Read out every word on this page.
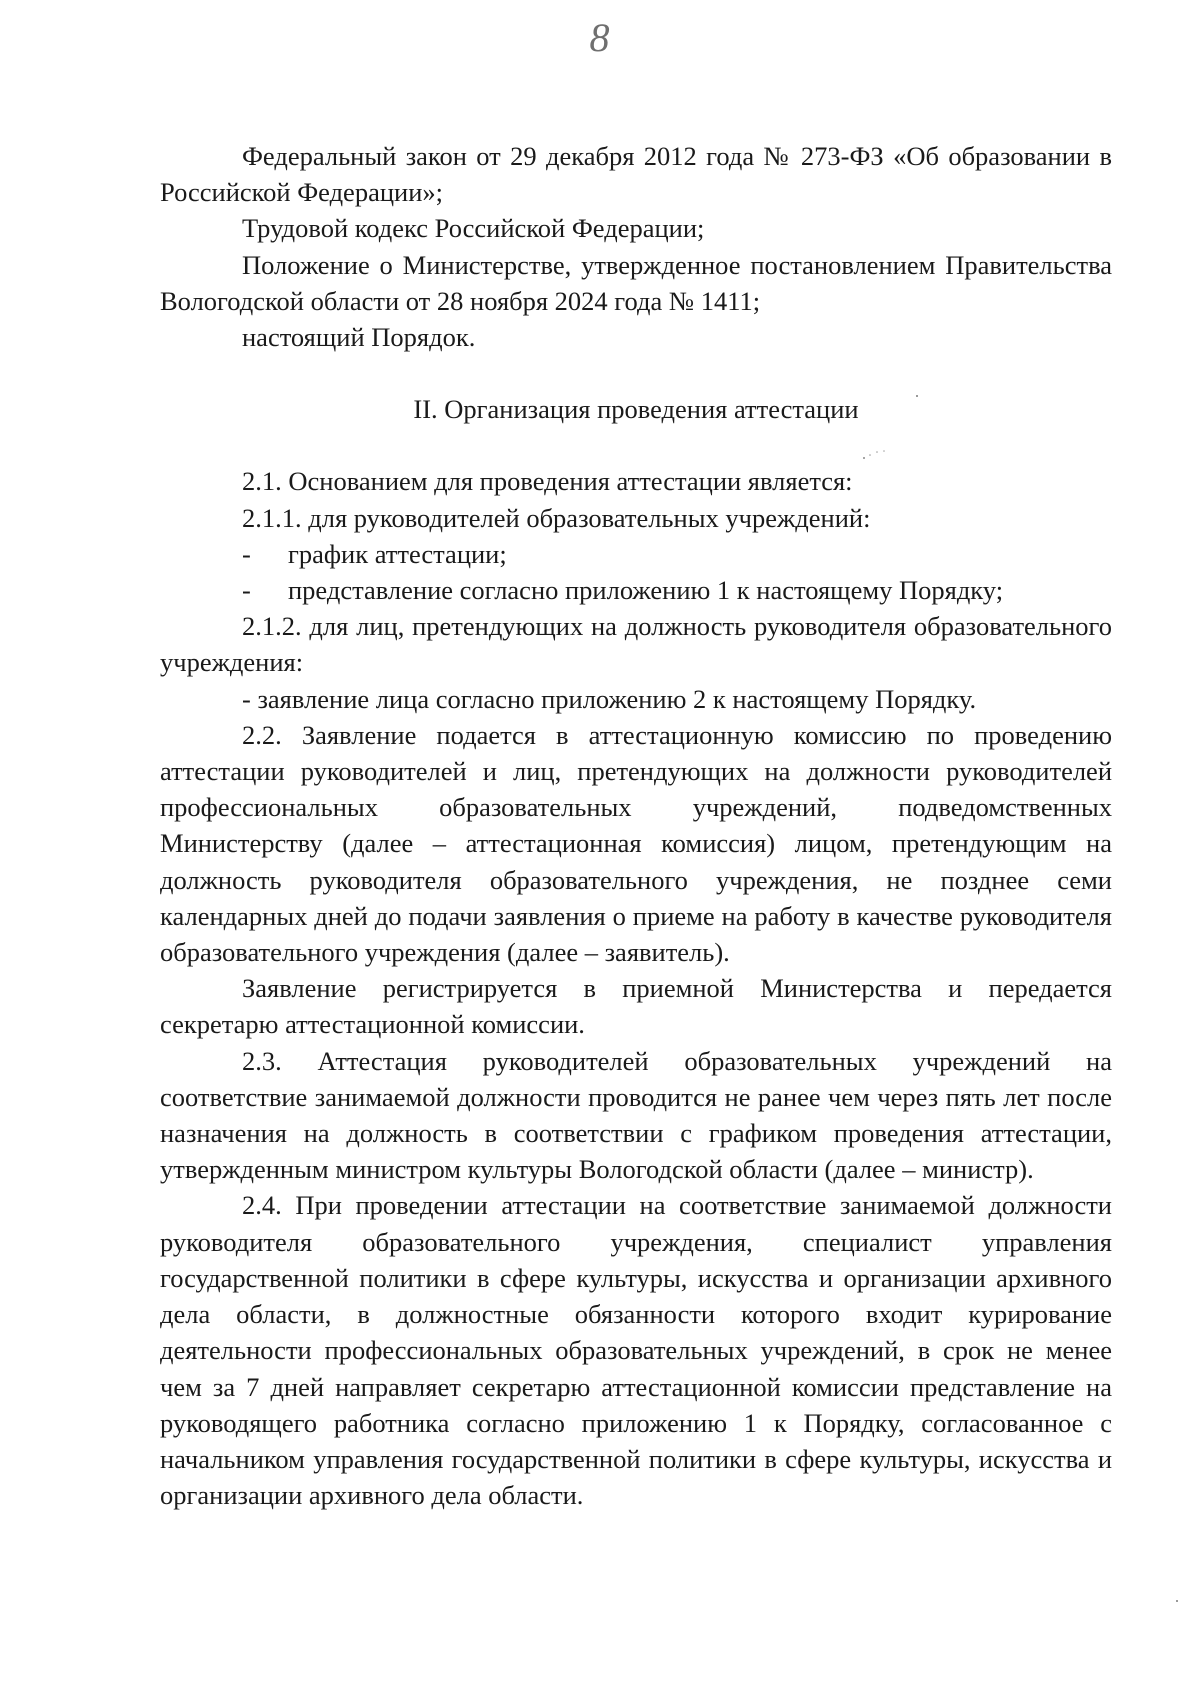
8

Федеральный закон от 29 декабря 2012 года № 273-ФЗ «Об образовании в Российской Федерации»;

Трудовой кодекс Российской Федерации;

Положение о Министерстве, утвержденное постановлением Правительства Вологодской области от 28 ноября 2024 года № 1411;

настоящий Порядок.

II. Организация проведения аттестации

2.1. Основанием для проведения аттестации является:

2.1.1. для руководителей образовательных учреждений:

- график аттестации;

- представление согласно приложению 1 к настоящему Порядку;

2.1.2. для лиц, претендующих на должность руководителя образовательного учреждения:

- заявление лица согласно приложению 2 к настоящему Порядку.

2.2. Заявление подается в аттестационную комиссию по проведению аттестации руководителей и лиц, претендующих на должности руководителей профессиональных образовательных учреждений, подведомственных Министерству (далее – аттестационная комиссия) лицом, претендующим на должность руководителя образовательного учреждения, не позднее семи календарных дней до подачи заявления о приеме на работу в качестве руководителя образовательного учреждения (далее – заявитель).

Заявление регистрируется в приемной Министерства и передается секретарю аттестационной комиссии.

2.3. Аттестация руководителей образовательных учреждений на соответствие занимаемой должности проводится не ранее чем через пять лет после назначения на должность в соответствии с графиком проведения аттестации, утвержденным министром культуры Вологодской области (далее – министр).

2.4. При проведении аттестации на соответствие занимаемой должности руководителя образовательного учреждения, специалист управления государственной политики в сфере культуры, искусства и организации архивного дела области, в должностные обязанности которого входит курирование деятельности профессиональных образовательных учреждений, в срок не менее чем за 7 дней направляет секретарю аттестационной комиссии представление на руководящего работника согласно приложению 1 к Порядку, согласованное с начальником управления государственной политики в сфере культуры, искусства и организации архивного дела области.
